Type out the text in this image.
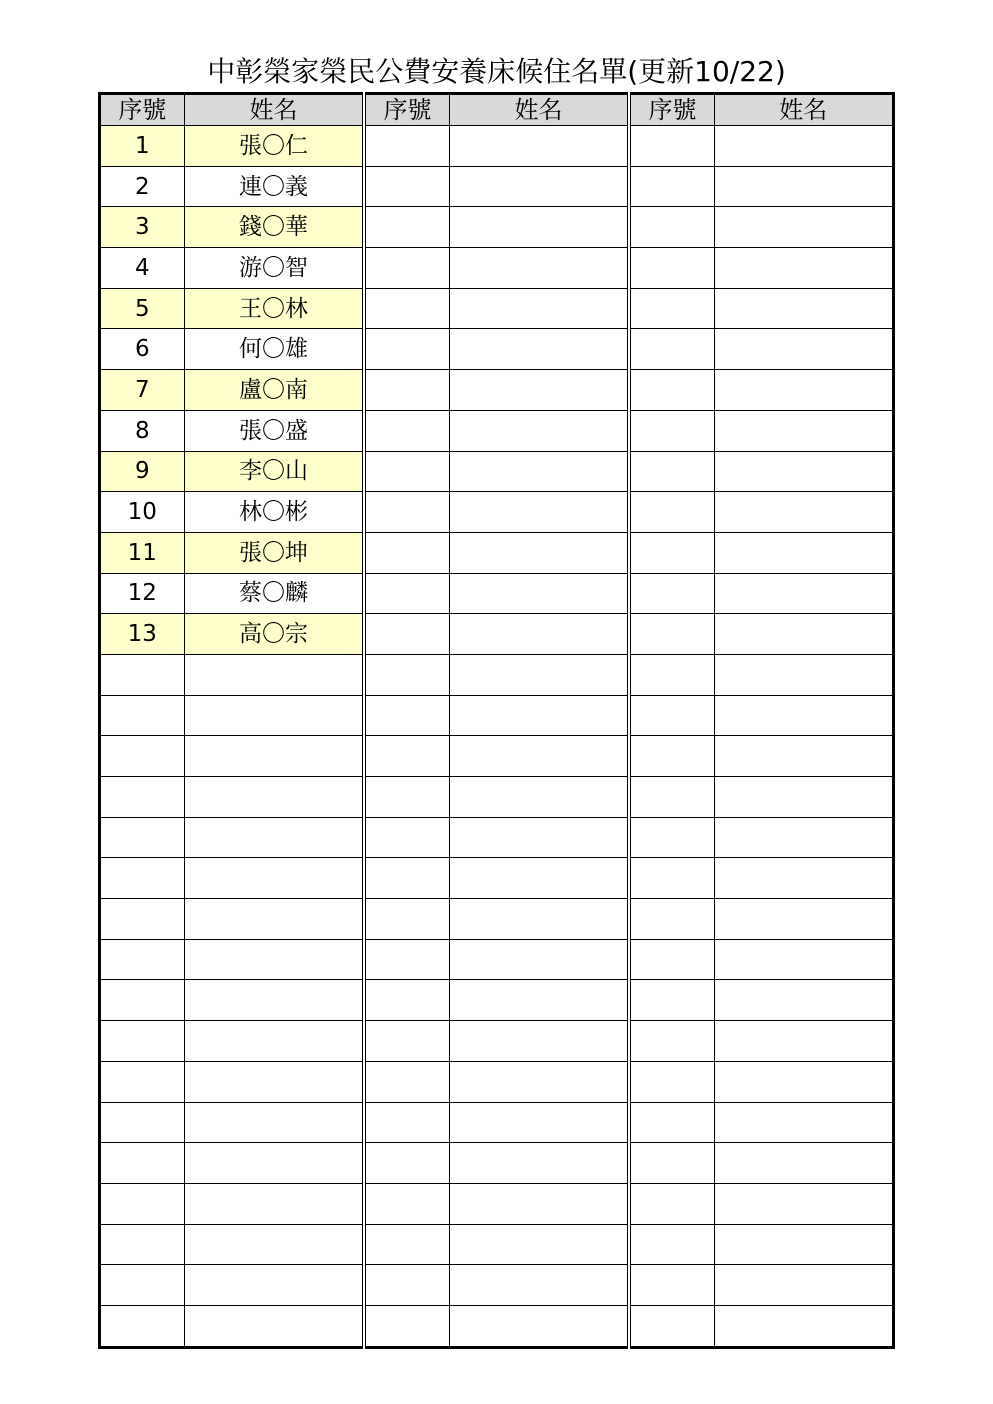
中彰榮家榮民公費安養床候住名單(更新10/22)
序號	姓名	序號	姓名	序號	姓名
1	張〇仁				
2	連〇義				
3	錢〇華				
4	游〇智				
5	王〇林				
6	何〇雄				
7	盧〇南				
8	張〇盛				
9	李〇山				
10	林〇彬				
11	張〇坤				
12	蔡〇麟				
13	高〇宗				
